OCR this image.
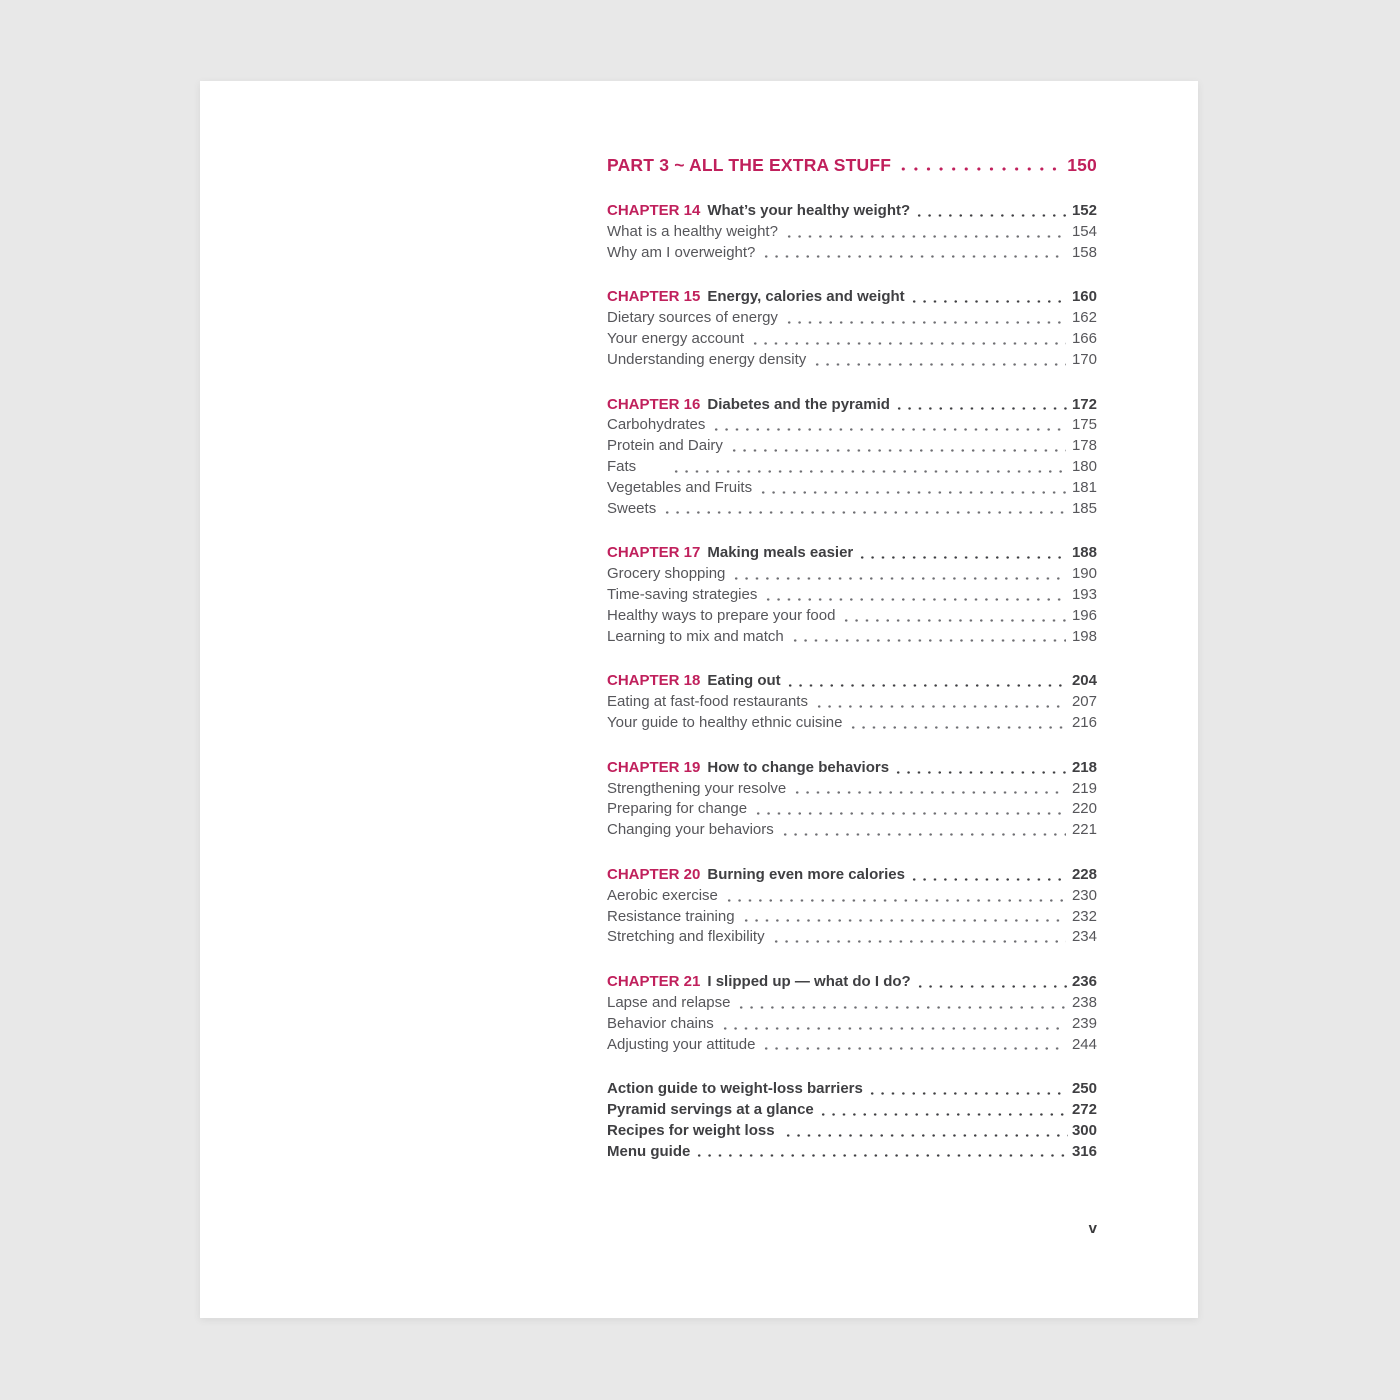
PART 3 ~ ALL THE EXTRA STUFF	150
CHAPTER 14 What’s your healthy weight?	152
What is a healthy weight?	154
Why am I overweight?	158
CHAPTER 15 Energy, calories and weight	160
Dietary sources of energy	162
Your energy account	166
Understanding energy density	170
CHAPTER 16 Diabetes and the pyramid	172
Carbohydrates	175
Protein and Dairy	178
Fats	180
Vegetables and Fruits	181
Sweets	185
CHAPTER 17 Making meals easier	188
Grocery shopping	190
Time-saving strategies	193
Healthy ways to prepare your food	196
Learning to mix and match	198
CHAPTER 18 Eating out	204
Eating at fast-food restaurants	207
Your guide to healthy ethnic cuisine	216
CHAPTER 19 How to change behaviors	218
Strengthening your resolve	219
Preparing for change	220
Changing your behaviors	221
CHAPTER 20 Burning even more calories	228
Aerobic exercise	230
Resistance training	232
Stretching and flexibility	234
CHAPTER 21 I slipped up — what do I do?	236
Lapse and relapse	238
Behavior chains	239
Adjusting your attitude	244
Action guide to weight-loss barriers	250
Pyramid servings at a glance	272
Recipes for weight loss	300
Menu guide	316
v
